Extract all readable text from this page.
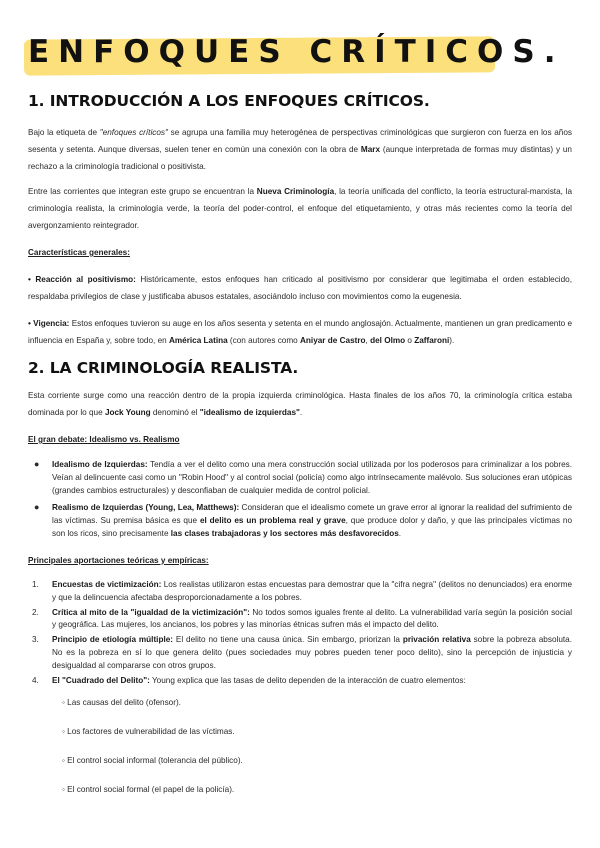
ENFOQUES CRÍTICOS.
1. INTRODUCCIÓN A LOS ENFOQUES CRÍTICOS.

Bajo la etiqueta de "enfoques críticos" se agrupa una familia muy heterogénea de perspectivas criminológicas que surgieron con fuerza en los años sesenta y setenta. Aunque diversas, suelen tener en común una conexión con la obra de Marx (aunque interpretada de formas muy distintas) y un rechazo a la criminología tradicional o positivista.

Entre las corrientes que integran este grupo se encuentran la Nueva Criminología, la teoría unificada del conflicto, la teoría estructural-marxista, la criminología realista, la criminología verde, la teoría del poder-control, el enfoque del etiquetamiento, y otras más recientes como la teoría del avergonzamiento reintegrador.

Características generales:

• Reacción al positivismo: Históricamente, estos enfoques han criticado al positivismo por considerar que legitimaba el orden establecido, respaldaba privilegios de clase y justificaba abusos estatales, asociándolo incluso con movimientos como la eugenesia.

• Vigencia: Estos enfoques tuvieron su auge en los años sesenta y setenta en el mundo anglosajón. Actualmente, mantienen un gran predicamento e influencia en España y, sobre todo, en América Latina (con autores como Aniyar de Castro, del Olmo o Zaffaroni).

2. LA CRIMINOLOGÍA REALISTA.

Esta corriente surge como una reacción dentro de la propia izquierda criminológica. Hasta finales de los años 70, la criminología crítica estaba dominada por lo que Jock Young denominó el "idealismo de izquierdas".

El gran debate: Idealismo vs. Realismo
● Idealismo de Izquierdas: Tendía a ver el delito como una mera construcción social utilizada por los poderosos para criminalizar a los pobres. Veían al delincuente casi como un "Robin Hood" y al control social (policía) como algo intrínsecamente malévolo. Sus soluciones eran utópicas (grandes cambios estructurales) y desconfiaban de cualquier medida de control policial.
● Realismo de Izquierdas (Young, Lea, Matthews): Consideran que el idealismo comete un grave error al ignorar la realidad del sufrimiento de las víctimas. Su premisa básica es que el delito es un problema real y grave, que produce dolor y daño, y que las principales víctimas no son los ricos, sino precisamente las clases trabajadoras y los sectores más desfavorecidos.
Principales aportaciones teóricas y empíricas:
1. Encuestas de victimización: Los realistas utilizaron estas encuestas para demostrar que la "cifra negra" (delitos no denunciados) era enorme y que la delincuencia afectaba desproporcionadamente a los pobres.
2. Crítica al mito de la "igualdad de la victimización": No todos somos iguales frente al delito. La vulnerabilidad varía según la posición social y geográfica. Las mujeres, los ancianos, los pobres y las minorías étnicas sufren más el impacto del delito.
3. Principio de etiología múltiple: El delito no tiene una causa única. Sin embargo, priorizan la privación relativa sobre la pobreza absoluta. No es la pobreza en sí lo que genera delito (pues sociedades muy pobres pueden tener poco delito), sino la percepción de injusticia y desigualdad al compararse con otros grupos.
4. El "Cuadrado del Delito": Young explica que las tasas de delito dependen de la interacción de cuatro elementos:
◦ Las causas del delito (ofensor).
◦ Los factores de vulnerabilidad de las víctimas.
◦ El control social informal (tolerancia del público).
◦ El control social formal (el papel de la policía).
